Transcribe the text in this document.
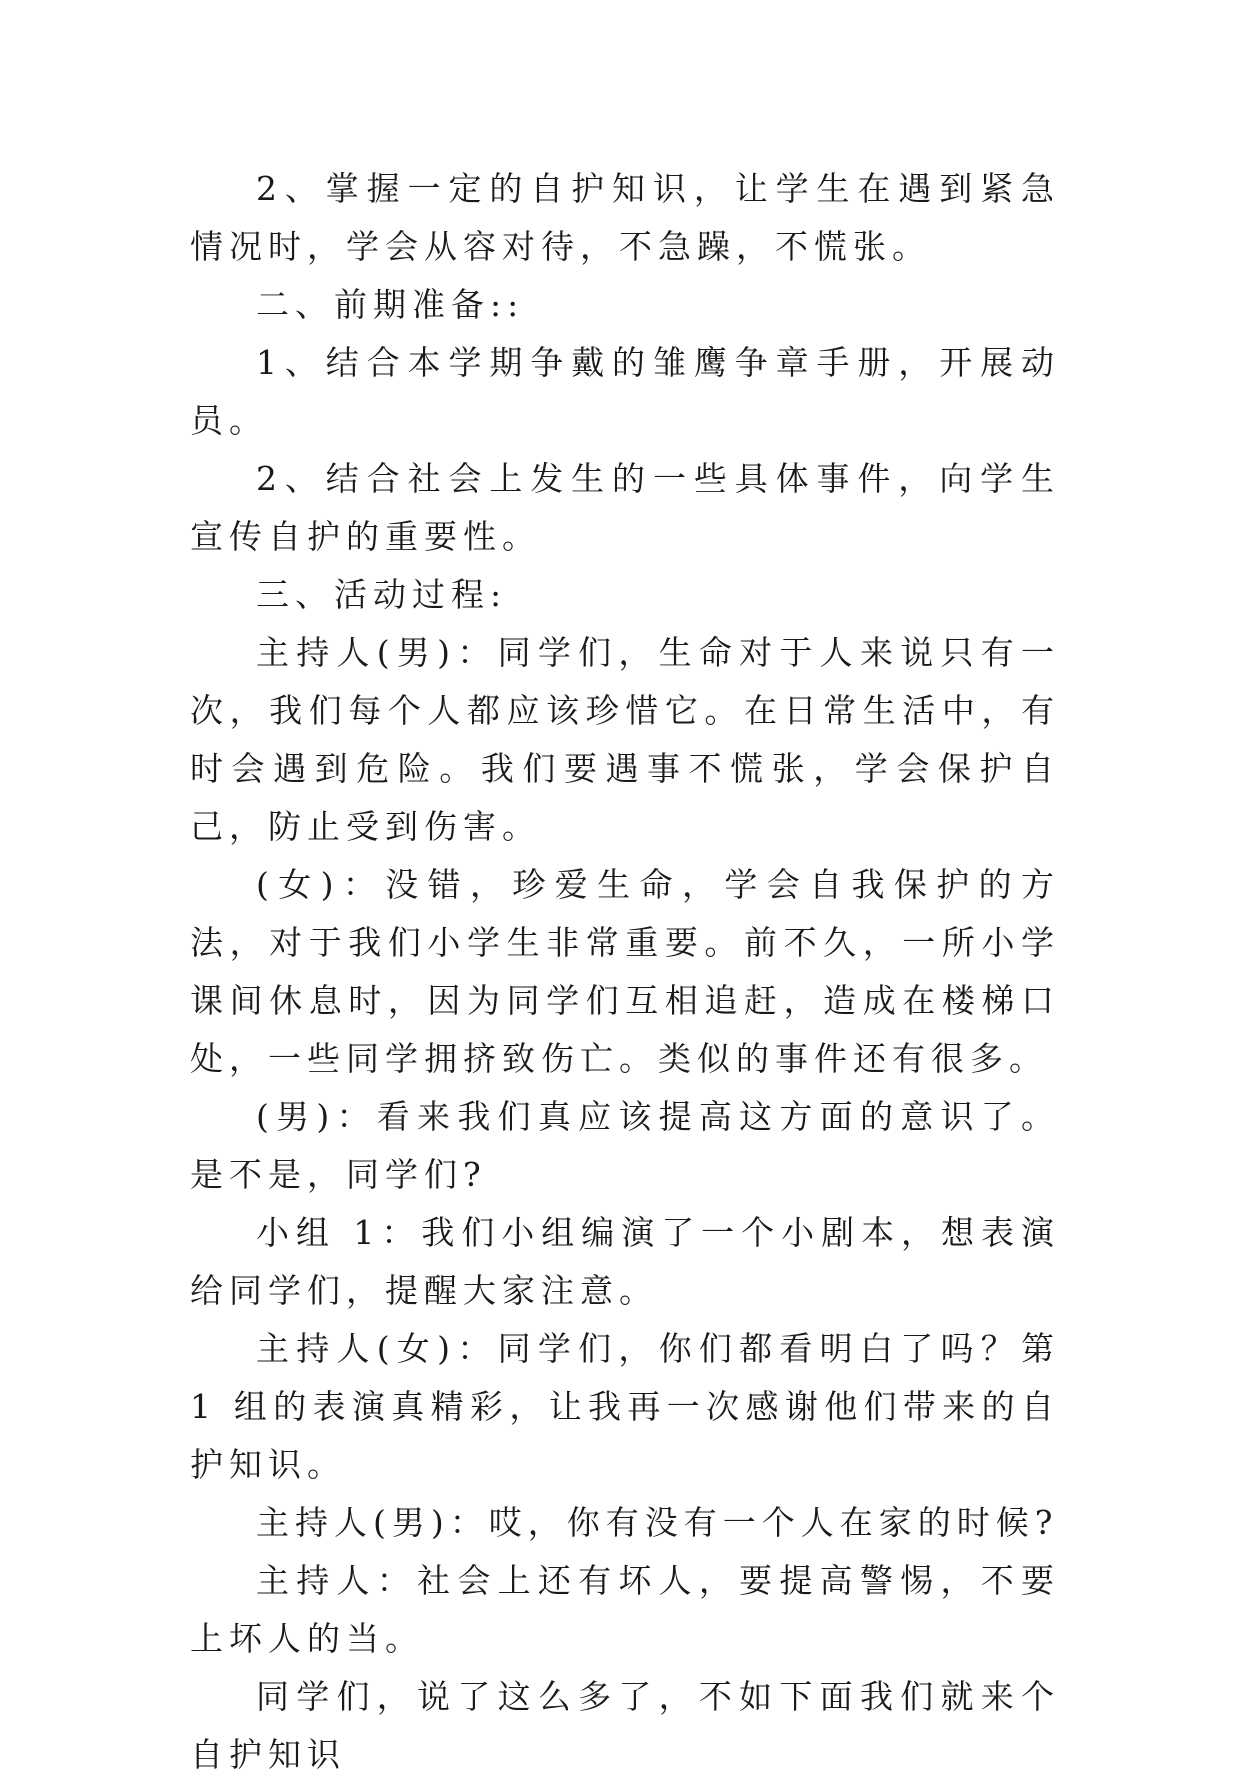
2、掌握一定的自护知识，让学生在遇到紧急情况时，学会从容对待，不急躁，不慌张。

二、前期准备::

1、结合本学期争戴的雏鹰争章手册，开展动员。

2、结合社会上发生的一些具体事件，向学生宣传自护的重要性。

三、活动过程:

主持人(男)：同学们，生命对于人来说只有一次，我们每个人都应该珍惜它。在日常生活中，有时会遇到危险。我们要遇事不慌张，学会保护自己，防止受到伤害。

(女)：没错，珍爱生命，学会自我保护的方法，对于我们小学生非常重要。前不久，一所小学课间休息时，因为同学们互相追赶，造成在楼梯口处，一些同学拥挤致伤亡。类似的事件还有很多。

(男)：看来我们真应该提高这方面的意识了。是不是，同学们?

小组 1：我们小组编演了一个小剧本，想表演给同学们，提醒大家注意。

主持人(女)：同学们，你们都看明白了吗？第 1 组的表演真精彩，让我再一次感谢他们带来的自护知识。

主持人(男)：哎，你有没有一个人在家的时候?

主持人：社会上还有坏人，要提高警惕，不要上坏人的当。

同学们，说了这么多了，不如下面我们就来个自护知识
